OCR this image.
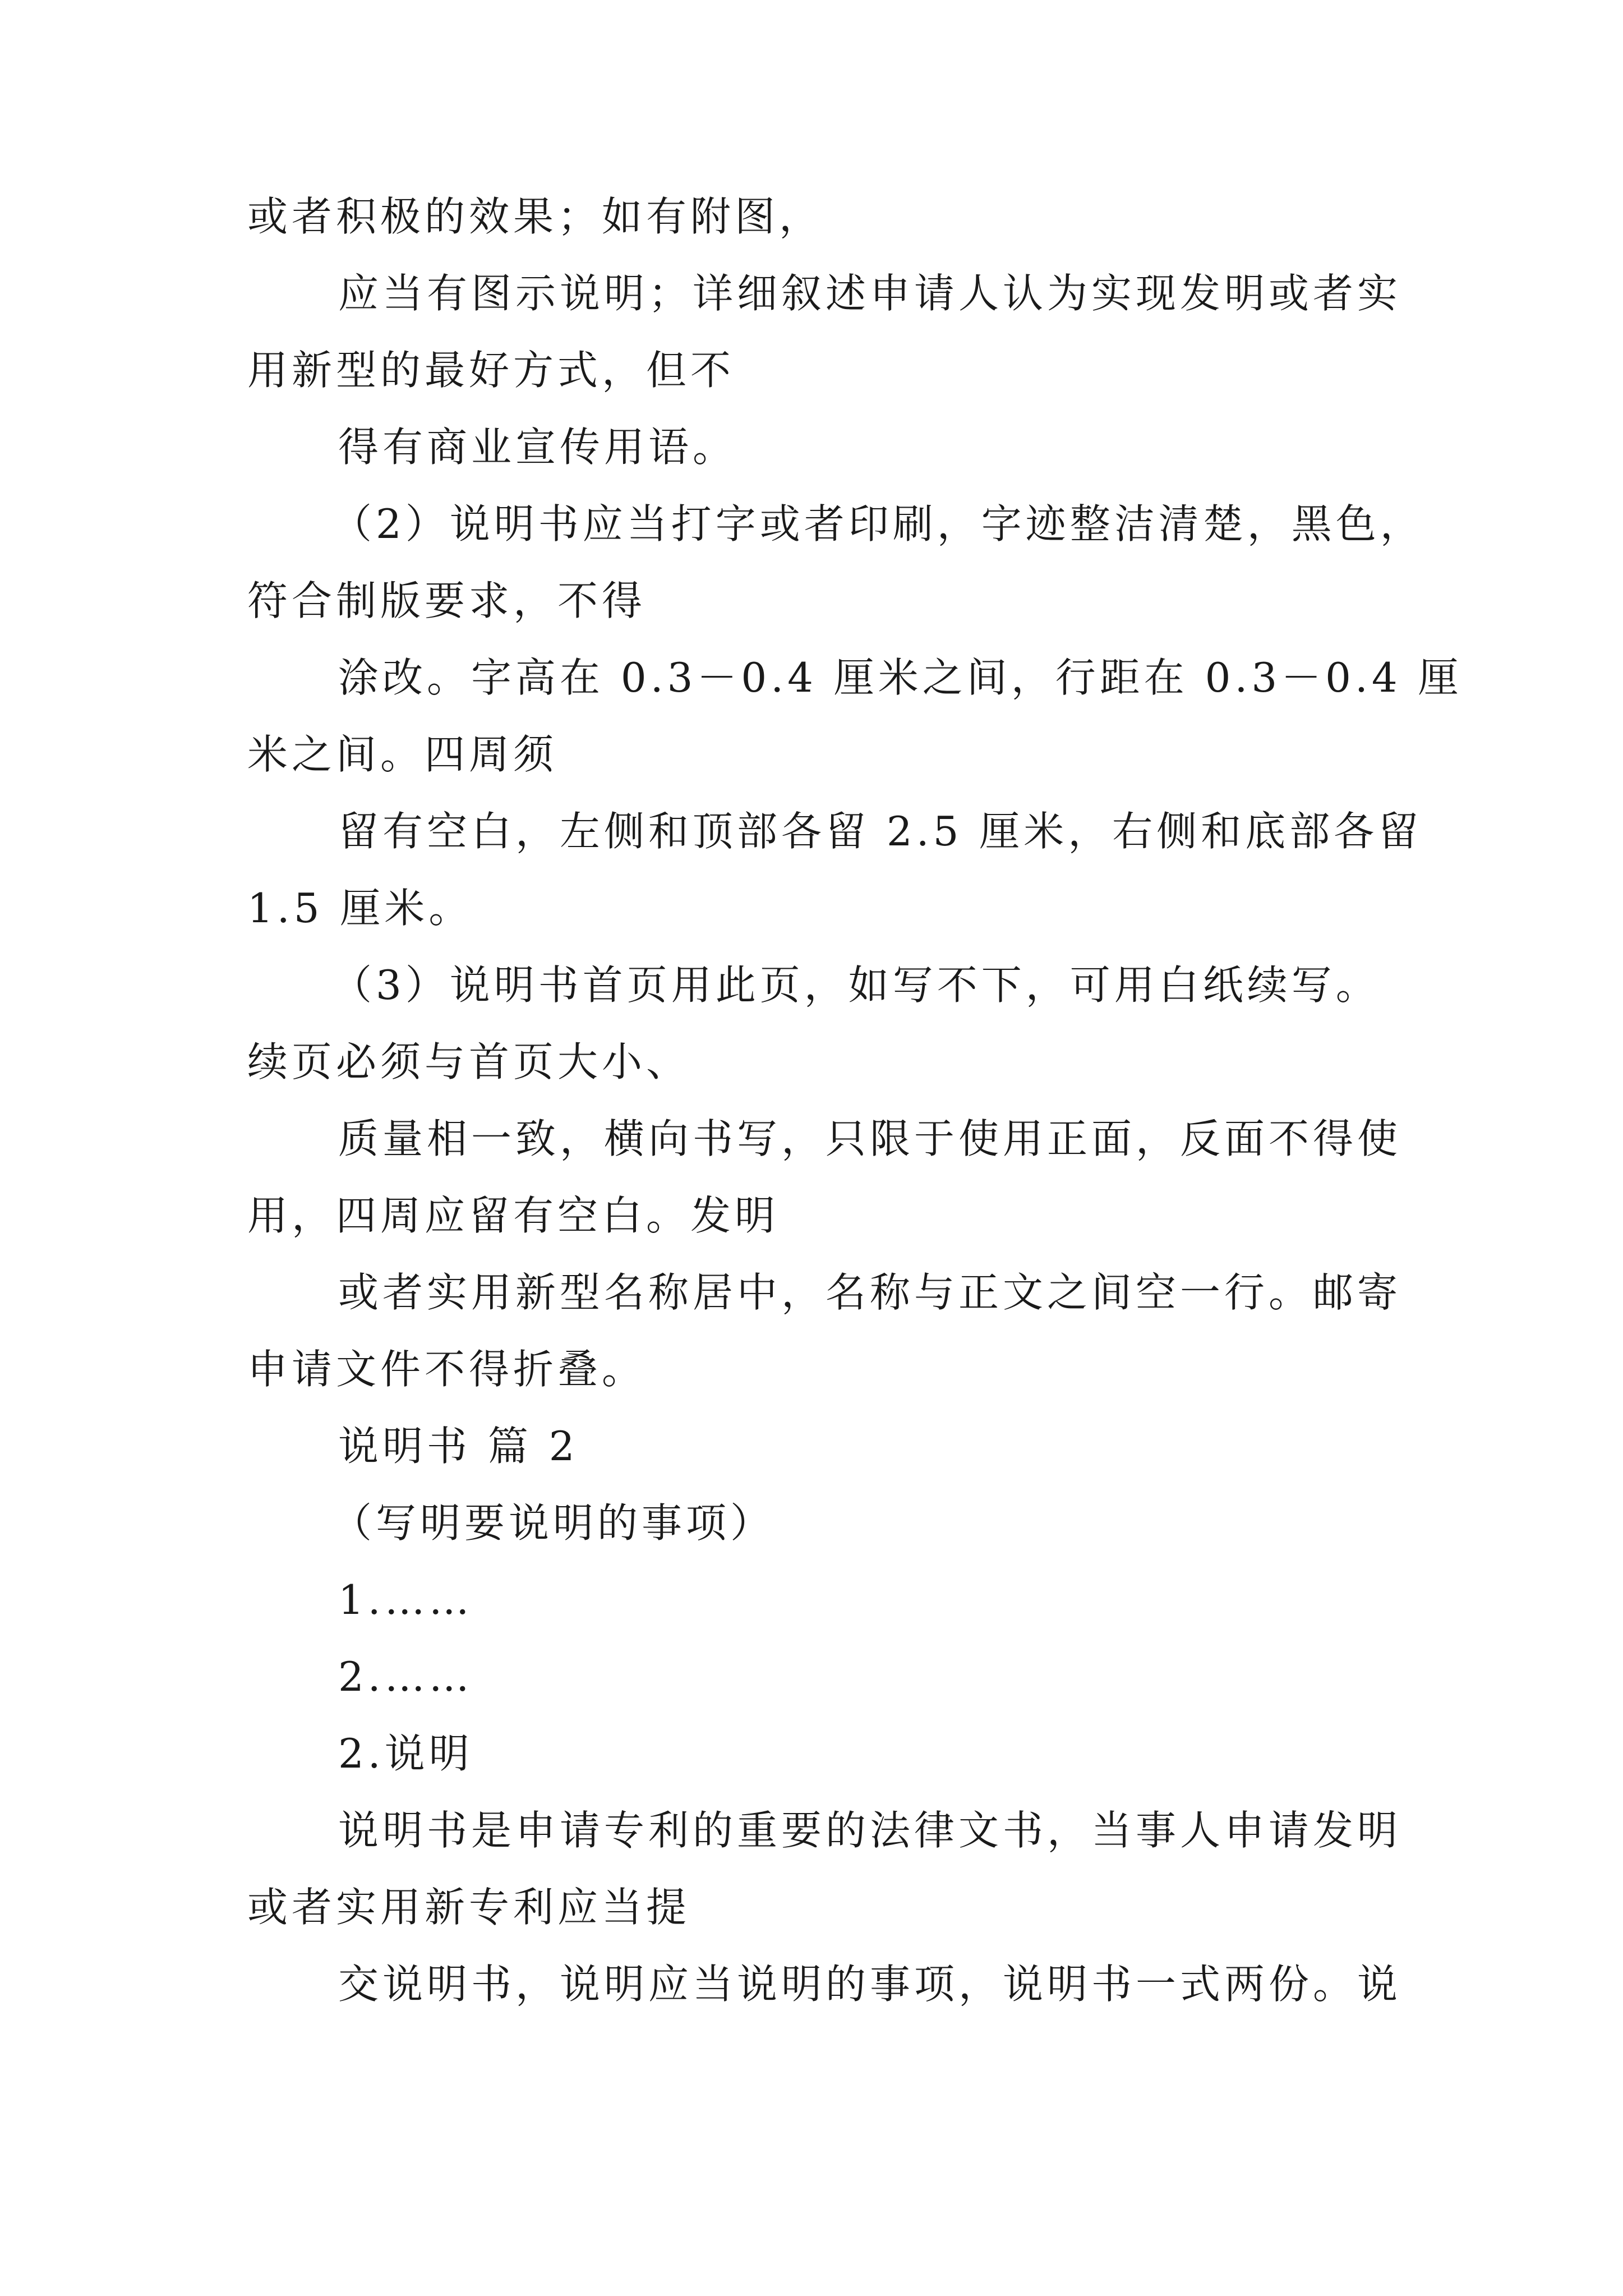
或者积极的效果；如有附图，
应当有图示说明；详细叙述申请人认为实现发明或者实
用新型的最好方式，但不
得有商业宣传用语。
（2）说明书应当打字或者印刷，字迹整洁清楚，黑色，
符合制版要求，不得
涂改。字高在 0.3－0.4 厘米之间，行距在 0.3－0.4 厘
米之间。四周须
留有空白，左侧和顶部各留 2.5 厘米，右侧和底部各留
1.5 厘米。
（3）说明书首页用此页，如写不下，可用白纸续写。
续页必须与首页大小、
质量相一致，横向书写，只限于使用正面，反面不得使
用，四周应留有空白。发明
或者实用新型名称居中，名称与正文之间空一行。邮寄
申请文件不得折叠。
说明书 篇 2
（写明要说明的事项）
1.……
2.……
2.说明
说明书是申请专利的重要的法律文书，当事人申请发明
或者实用新专利应当提
交说明书，说明应当说明的事项，说明书一式两份。说
